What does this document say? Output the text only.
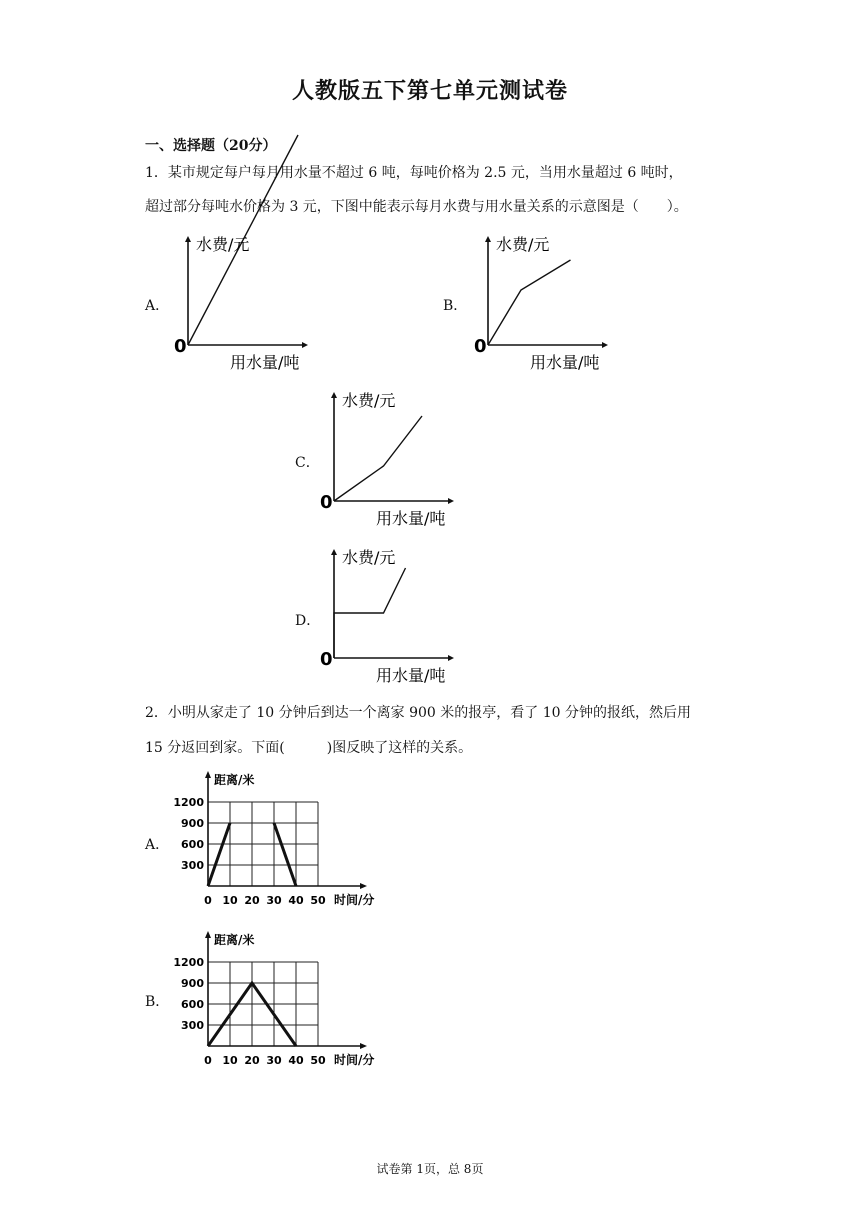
人教版五下第七单元测试卷
一、选择题（20分）
1．某市规定每户每月用水量不超过 6 吨，每吨价格为 2.5 元，当用水量超过 6 吨时，
超过部分每吨水价格为 3 元，下图中能表示每月水费与用水量关系的示意图是（　　）。
A．	B．
C．
D．
水费/元
用水量/吨
0
水费/元
用水量/吨
0
水费/元
用水量/吨
0
水费/元
用水量/吨
0
2．小明从家走了 10 分钟后到达一个离家 900 米的报亭，看了 10 分钟的报纸，然后用
15 分返回到家。下面(　　　)图反映了这样的关系。
A．
B．
1200
900
600
300
0 10 20 30 40 50
距离/米
时间/分
1200
900
600
300
0 10 20 30 40 50
距离/米
时间/分
试卷第 1页，总 8页
